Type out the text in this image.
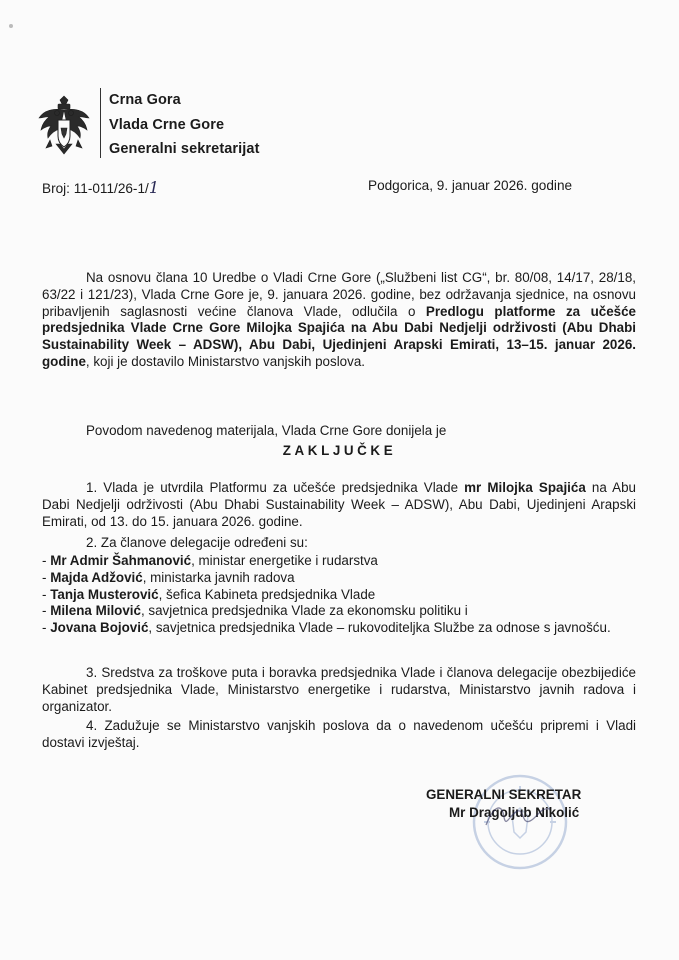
Crna Gora
Vlada Crne Gore
Generalni sekretarijat
Broj: 11-011/26-1/1	Podgorica, 9. januar 2026. godine
Na osnovu člana 10 Uredbe o Vladi Crne Gore („Službeni list CG“, br. 80/08, 14/17, 28/18, 63/22 i 121/23), Vlada Crne Gore je, 9. januara 2026. godine, bez održavanja sjednice, na osnovu pribavljenih saglasnosti većine članova Vlade, odlučila o Predlogu platforme za učešće predsjednika Vlade Crne Gore Milojka Spajića na Abu Dabi Nedjelji održivosti (Abu Dhabi Sustainability Week – ADSW), Abu Dabi, Ujedinjeni Arapski Emirati, 13–15. januar 2026. godine, koji je dostavilo Ministarstvo vanjskih poslova.
Povodom navedenog materijala, Vlada Crne Gore donijela je
ZAKLJUČKE
1. Vlada je utvrdila Platformu za učešće predsjednika Vlade mr Milojka Spajića na Abu Dabi Nedjelji održivosti (Abu Dhabi Sustainability Week – ADSW), Abu Dabi, Ujedinjeni Arapski Emirati, od 13. do 15. januara 2026. godine.
2. Za članove delegacije određeni su:
- Mr Admir Šahmanović, ministar energetike i rudarstva
- Majda Adžović, ministarka javnih radova
- Tanja Musterović, šefica Kabineta predsjednika Vlade
- Milena Milović, savjetnica predsjednika Vlade za ekonomsku politiku i
- Jovana Bojović, savjetnica predsjednika Vlade – rukovoditeljka Službe za odnose s javnošću.
3. Sredstva za troškove puta i boravka predsjednika Vlade i članova delegacije obezbijediće Kabinet predsjednika Vlade, Ministarstvo energetike i rudarstva, Ministarstvo javnih radova i organizator.
4. Zadužuje se Ministarstvo vanjskih poslova da o navedenom učešću pripremi i Vladi dostavi izvještaj.
GENERALNI SEKRETAR
Mr Dragoljub Nikolić
